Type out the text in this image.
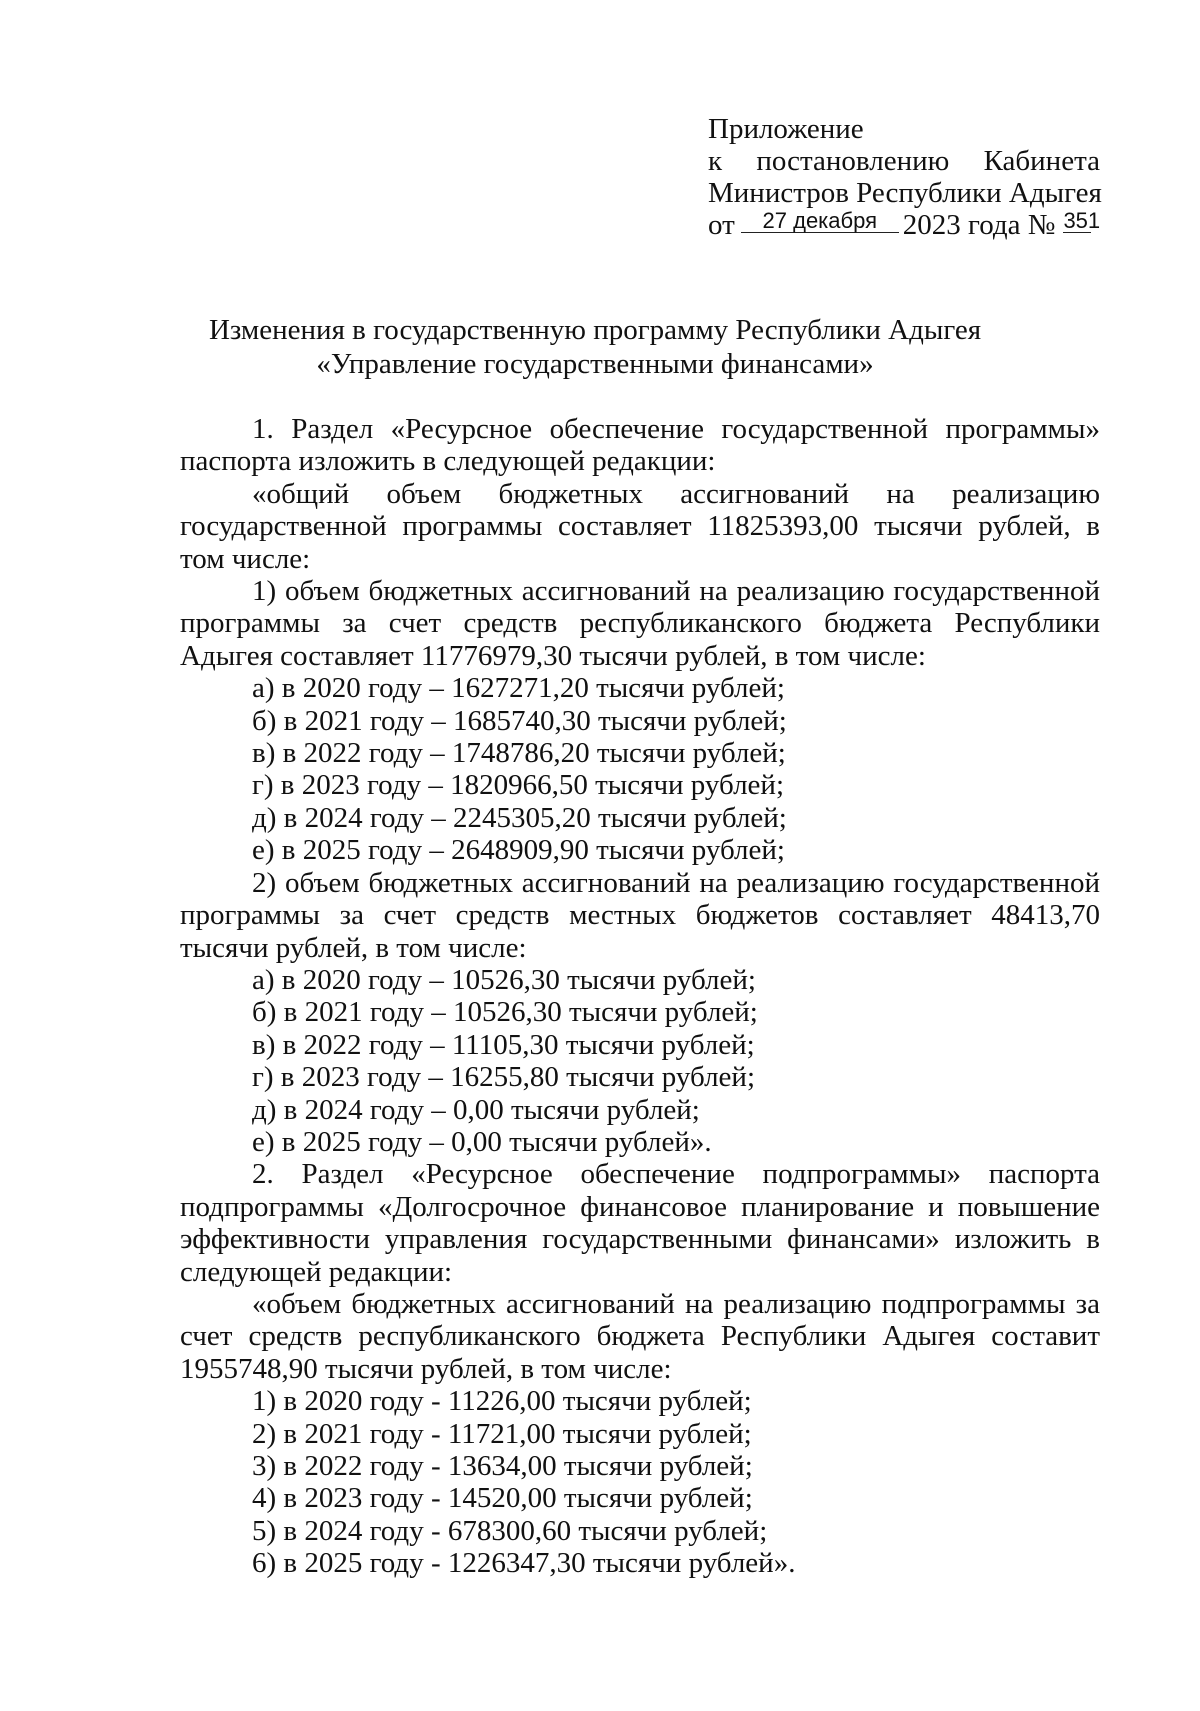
Приложение
к постановлению Кабинета
Министров Республики Адыгея
от	27 декабря 2023 года № 351
Изменения в государственную программу Республики Адыгея
«Управление государственными финансами»

1. Раздел «Ресурсное обеспечение государственной программы» паспорта изложить в следующей редакции:

«общий объем бюджетных ассигнований на реализацию государственной программы составляет 11825393,00 тысячи рублей, в том числе:

1) объем бюджетных ассигнований на реализацию государственной программы за счет средств республиканского бюджета Республики Адыгея составляет 11776979,30 тысячи рублей, в том числе:

а) в 2020 году – 1627271,20 тысячи рублей;
б) в 2021 году – 1685740,30 тысячи рублей;
в) в 2022 году – 1748786,20 тысячи рублей;
г) в 2023 году – 1820966,50 тысячи рублей;
д) в 2024 году – 2245305,20 тысячи рублей;
е) в 2025 году – 2648909,90 тысячи рублей;

2) объем бюджетных ассигнований на реализацию государственной программы за счет средств местных бюджетов составляет 48413,70 тысячи рублей, в том числе:

а) в 2020 году – 10526,30 тысячи рублей;
б) в 2021 году – 10526,30 тысячи рублей;
в) в 2022 году – 11105,30 тысячи рублей;
г) в 2023 году – 16255,80 тысячи рублей;
д) в 2024 году – 0,00 тысячи рублей;
е) в 2025 году – 0,00 тысячи рублей».

2. Раздел «Ресурсное обеспечение подпрограммы» паспорта подпрограммы «Долгосрочное финансовое планирование и повышение эффективности управления государственными финансами» изложить в следующей редакции:

«объем бюджетных ассигнований на реализацию подпрограммы за счет средств республиканского бюджета Республики Адыгея составит 1955748,90 тысячи рублей, в том числе:

1) в 2020 году - 11226,00 тысячи рублей;
2) в 2021 году - 11721,00 тысячи рублей;
3) в 2022 году - 13634,00 тысячи рублей;
4) в 2023 году - 14520,00 тысячи рублей;
5) в 2024 году - 678300,60 тысячи рублей;
6) в 2025 году - 1226347,30 тысячи рублей».
